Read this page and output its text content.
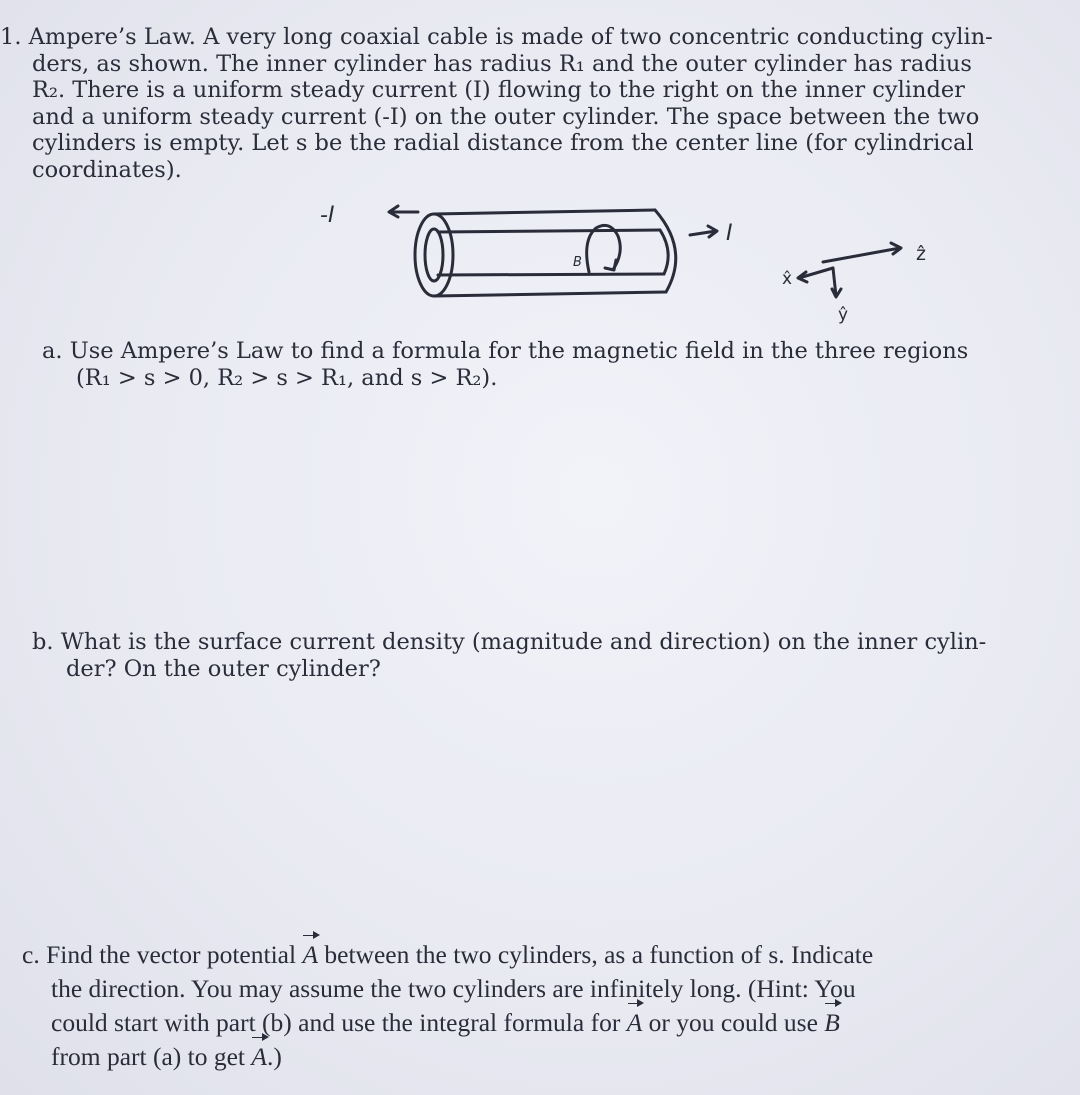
1. Ampere’s Law. A very long coaxial cable is made of two concentric conducting cylin-
ders, as shown. The inner cylinder has radius R₁ and the outer cylinder has radius
R₂. There is a uniform steady current (I) flowing to the right on the inner cylinder
and a uniform steady current (-I) on the outer cylinder. The space between the two
cylinders is empty. Let s be the radial distance from the center line (for cylindrical
coordinates).
-I
I
B	ẑ
x̂
ŷ
a. Use Ampere’s Law to find a formula for the magnetic field in the three regions
(R₁ > s > 0, R₂ > s > R₁, and s > R₂).
b. What is the surface current density (magnitude and direction) on the inner cylin-
der? On the outer cylinder?
c. Find the vector potential A between the two cylinders, as a function of s. Indicate
the direction. You may assume the two cylinders are infinitely long. (Hint: You
could start with part (b) and use the integral formula for A or you could use B
from part (a) to get A.)
